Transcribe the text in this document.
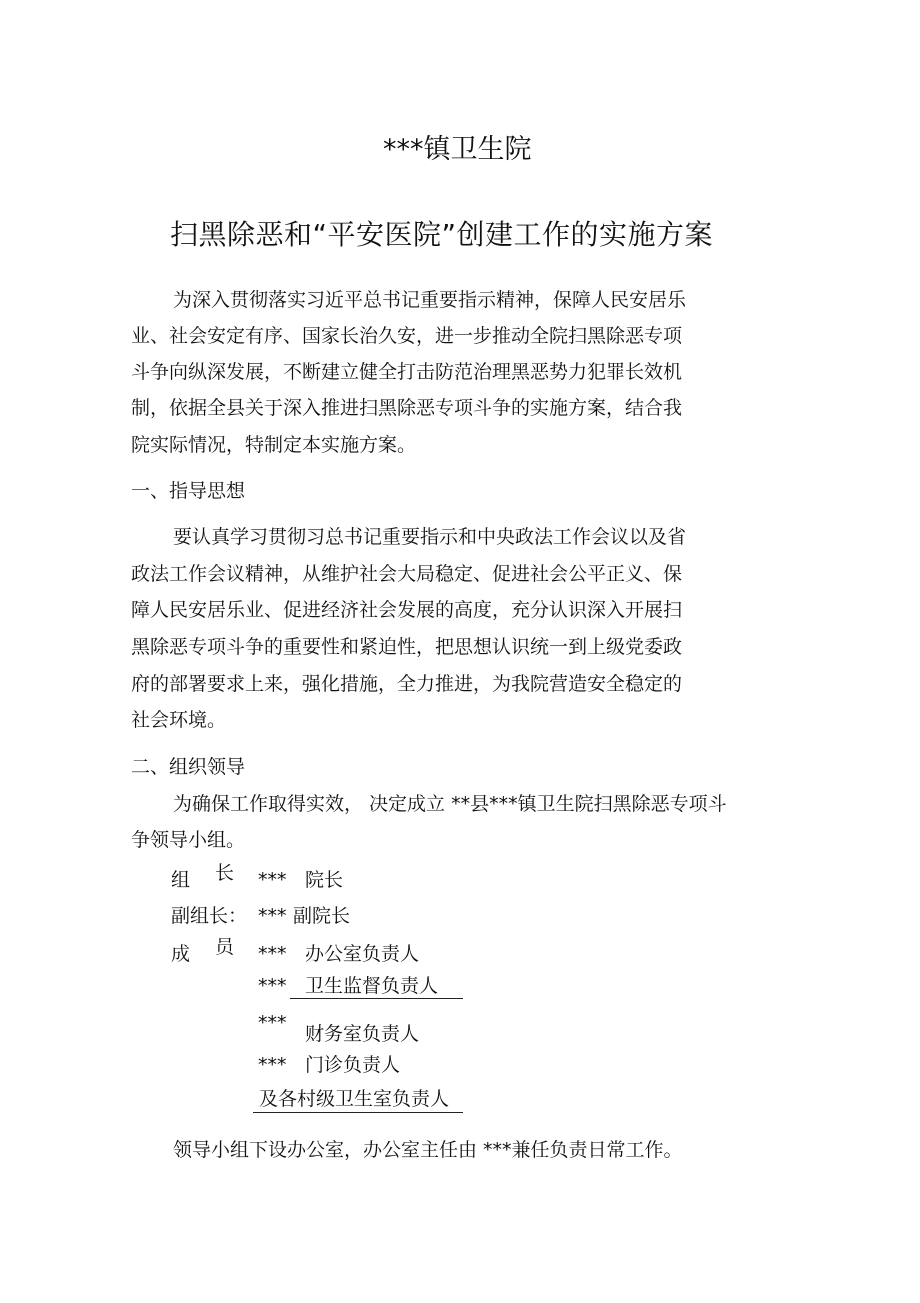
***镇卫生院
扫黑除恶和“平安医院”创建工作的实施方案
为深入贯彻落实习近平总书记重要指示精神，保障人民安居乐
业、社会安定有序、国家长治久安，进一步推动全院扫黑除恶专项
斗争向纵深发展，不断建立健全打击防范治理黑恶势力犯罪长效机
制，依据全县关于深入推进扫黑除恶专项斗争的实施方案，结合我
院实际情况，特制定本实施方案。
一、指导思想
要认真学习贯彻习总书记重要指示和中央政法工作会议以及省
政法工作会议精神，从维护社会大局稳定、促进社会公平正义、保
障人民安居乐业、促进经济社会发展的高度，充分认识深入开展扫
黑除恶专项斗争的重要性和紧迫性，把思想认识统一到上级党委政
府的部署要求上来，强化措施，全力推进，为我院营造安全稳定的
社会环境。
二、组织领导
为确保工作取得实效， 决定成立 **县***镇卫生院扫黑除恶专项斗
争领导小组。
组 长 *** 院长
副组长： *** 副院长
成 员 *** 办公室负责人
*** 卫生监督负责人
*** 财务室负责人
*** 门诊负责人
及各村级卫生室负责人
领导小组下设办公室，办公室主任由 ***兼任负责日常工作。
